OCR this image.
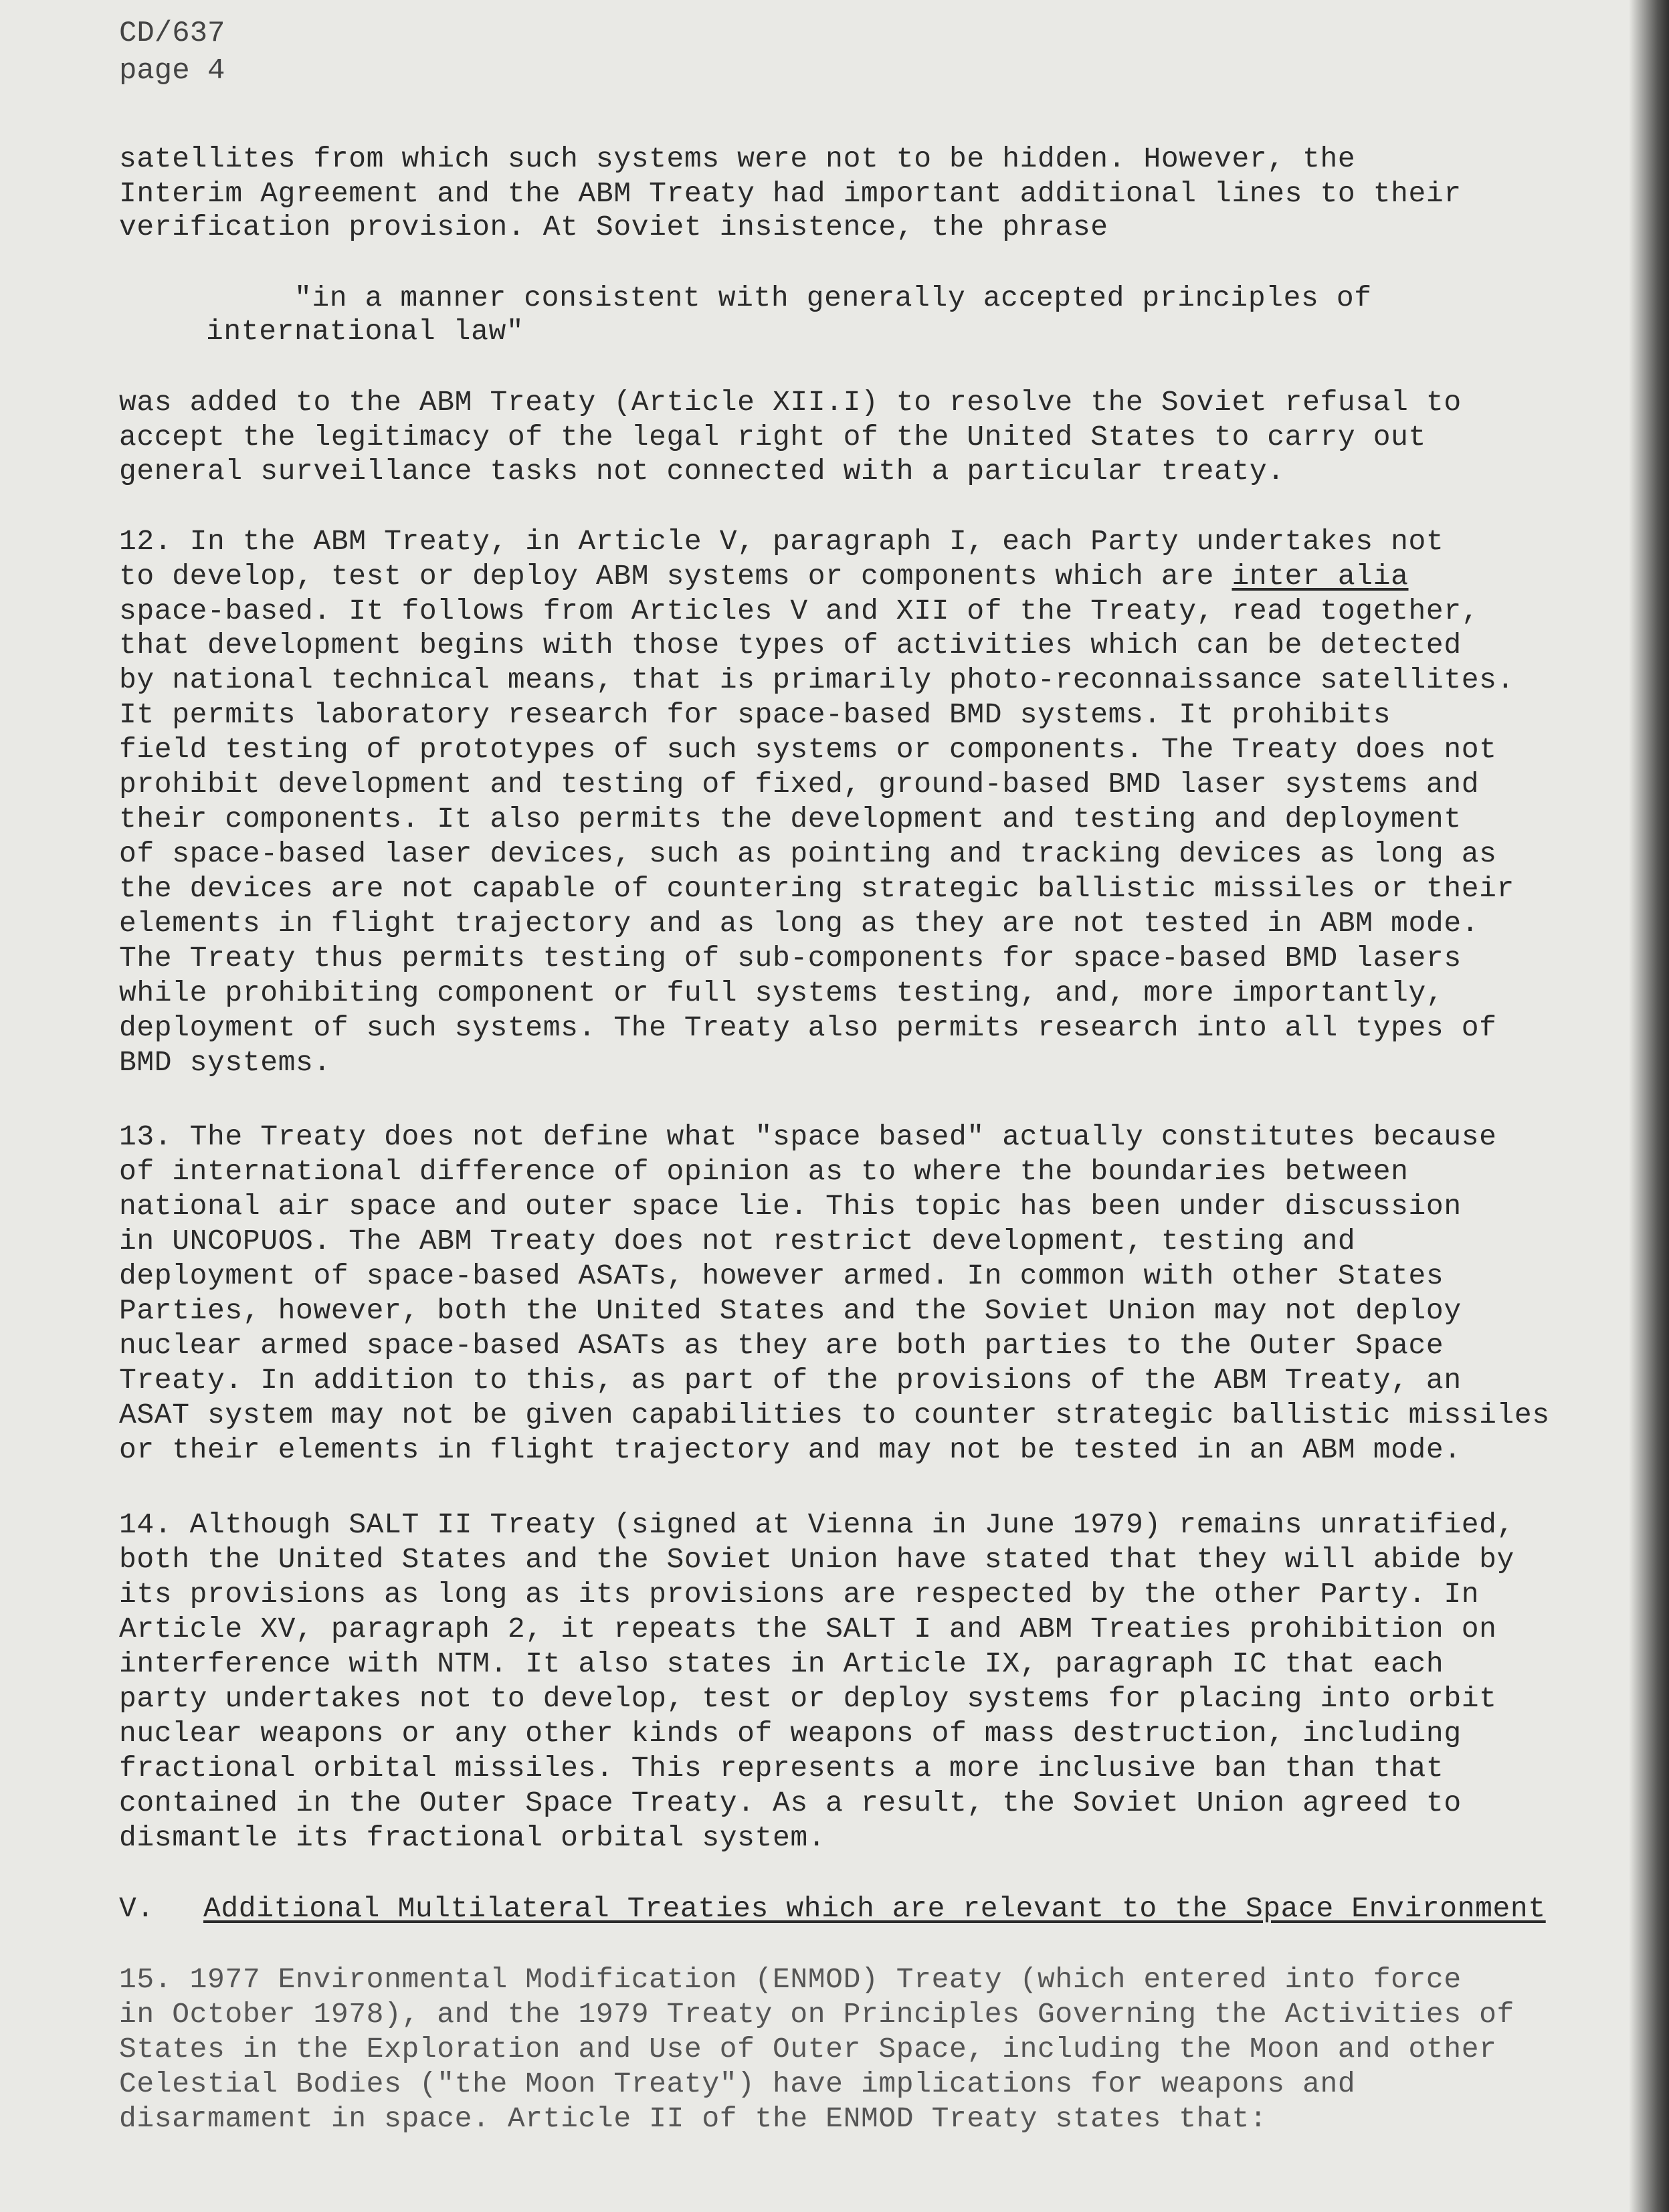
CD/637
page 4
satellites from which such systems were not to be hidden. However, the
Interim Agreement and the ABM Treaty had important additional lines to their
verification provision. At Soviet insistence, the phrase
"in a manner consistent with generally accepted principles of
international law"
was added to the ABM Treaty (Article XII.I) to resolve the Soviet refusal to
accept the legitimacy of the legal right of the United States to carry out
general surveillance tasks not connected with a particular treaty.
12. In the ABM Treaty, in Article V, paragraph I, each Party undertakes not
to develop, test or deploy ABM systems or components which are inter alia
space-based. It follows from Articles V and XII of the Treaty, read together,
that development begins with those types of activities which can be detected
by national technical means, that is primarily photo-reconnaissance satellites.
It permits laboratory research for space-based BMD systems. It prohibits
field testing of prototypes of such systems or components. The Treaty does not
prohibit development and testing of fixed, ground-based BMD laser systems and
their components. It also permits the development and testing and deployment
of space-based laser devices, such as pointing and tracking devices as long as
the devices are not capable of countering strategic ballistic missiles or their
elements in flight trajectory and as long as they are not tested in ABM mode.
The Treaty thus permits testing of sub-components for space-based BMD lasers
while prohibiting component or full systems testing, and, more importantly,
deployment of such systems. The Treaty also permits research into all types of
BMD systems.
13. The Treaty does not define what "space based" actually constitutes because
of international difference of opinion as to where the boundaries between
national air space and outer space lie. This topic has been under discussion
in UNCOPUOS. The ABM Treaty does not restrict development, testing and
deployment of space-based ASATs, however armed. In common with other States
Parties, however, both the United States and the Soviet Union may not deploy
nuclear armed space-based ASATs as they are both parties to the Outer Space
Treaty. In addition to this, as part of the provisions of the ABM Treaty, an
ASAT system may not be given capabilities to counter strategic ballistic missiles
or their elements in flight trajectory and may not be tested in an ABM mode.
14. Although SALT II Treaty (signed at Vienna in June 1979) remains unratified,
both the United States and the Soviet Union have stated that they will abide by
its provisions as long as its provisions are respected by the other Party. In
Article XV, paragraph 2, it repeats the SALT I and ABM Treaties prohibition on
interference with NTM. It also states in Article IX, paragraph IC that each
party undertakes not to develop, test or deploy systems for placing into orbit
nuclear weapons or any other kinds of weapons of mass destruction, including
fractional orbital missiles. This represents a more inclusive ban than that
contained in the Outer Space Treaty. As a result, the Soviet Union agreed to
dismantle its fractional orbital system.
V. Additional Multilateral Treaties which are relevant to the Space Environment
15. 1977 Environmental Modification (ENMOD) Treaty (which entered into force
in October 1978), and the 1979 Treaty on Principles Governing the Activities of
States in the Exploration and Use of Outer Space, including the Moon and other
Celestial Bodies ("the Moon Treaty") have implications for weapons and
disarmament in space. Article II of the ENMOD Treaty states that:
